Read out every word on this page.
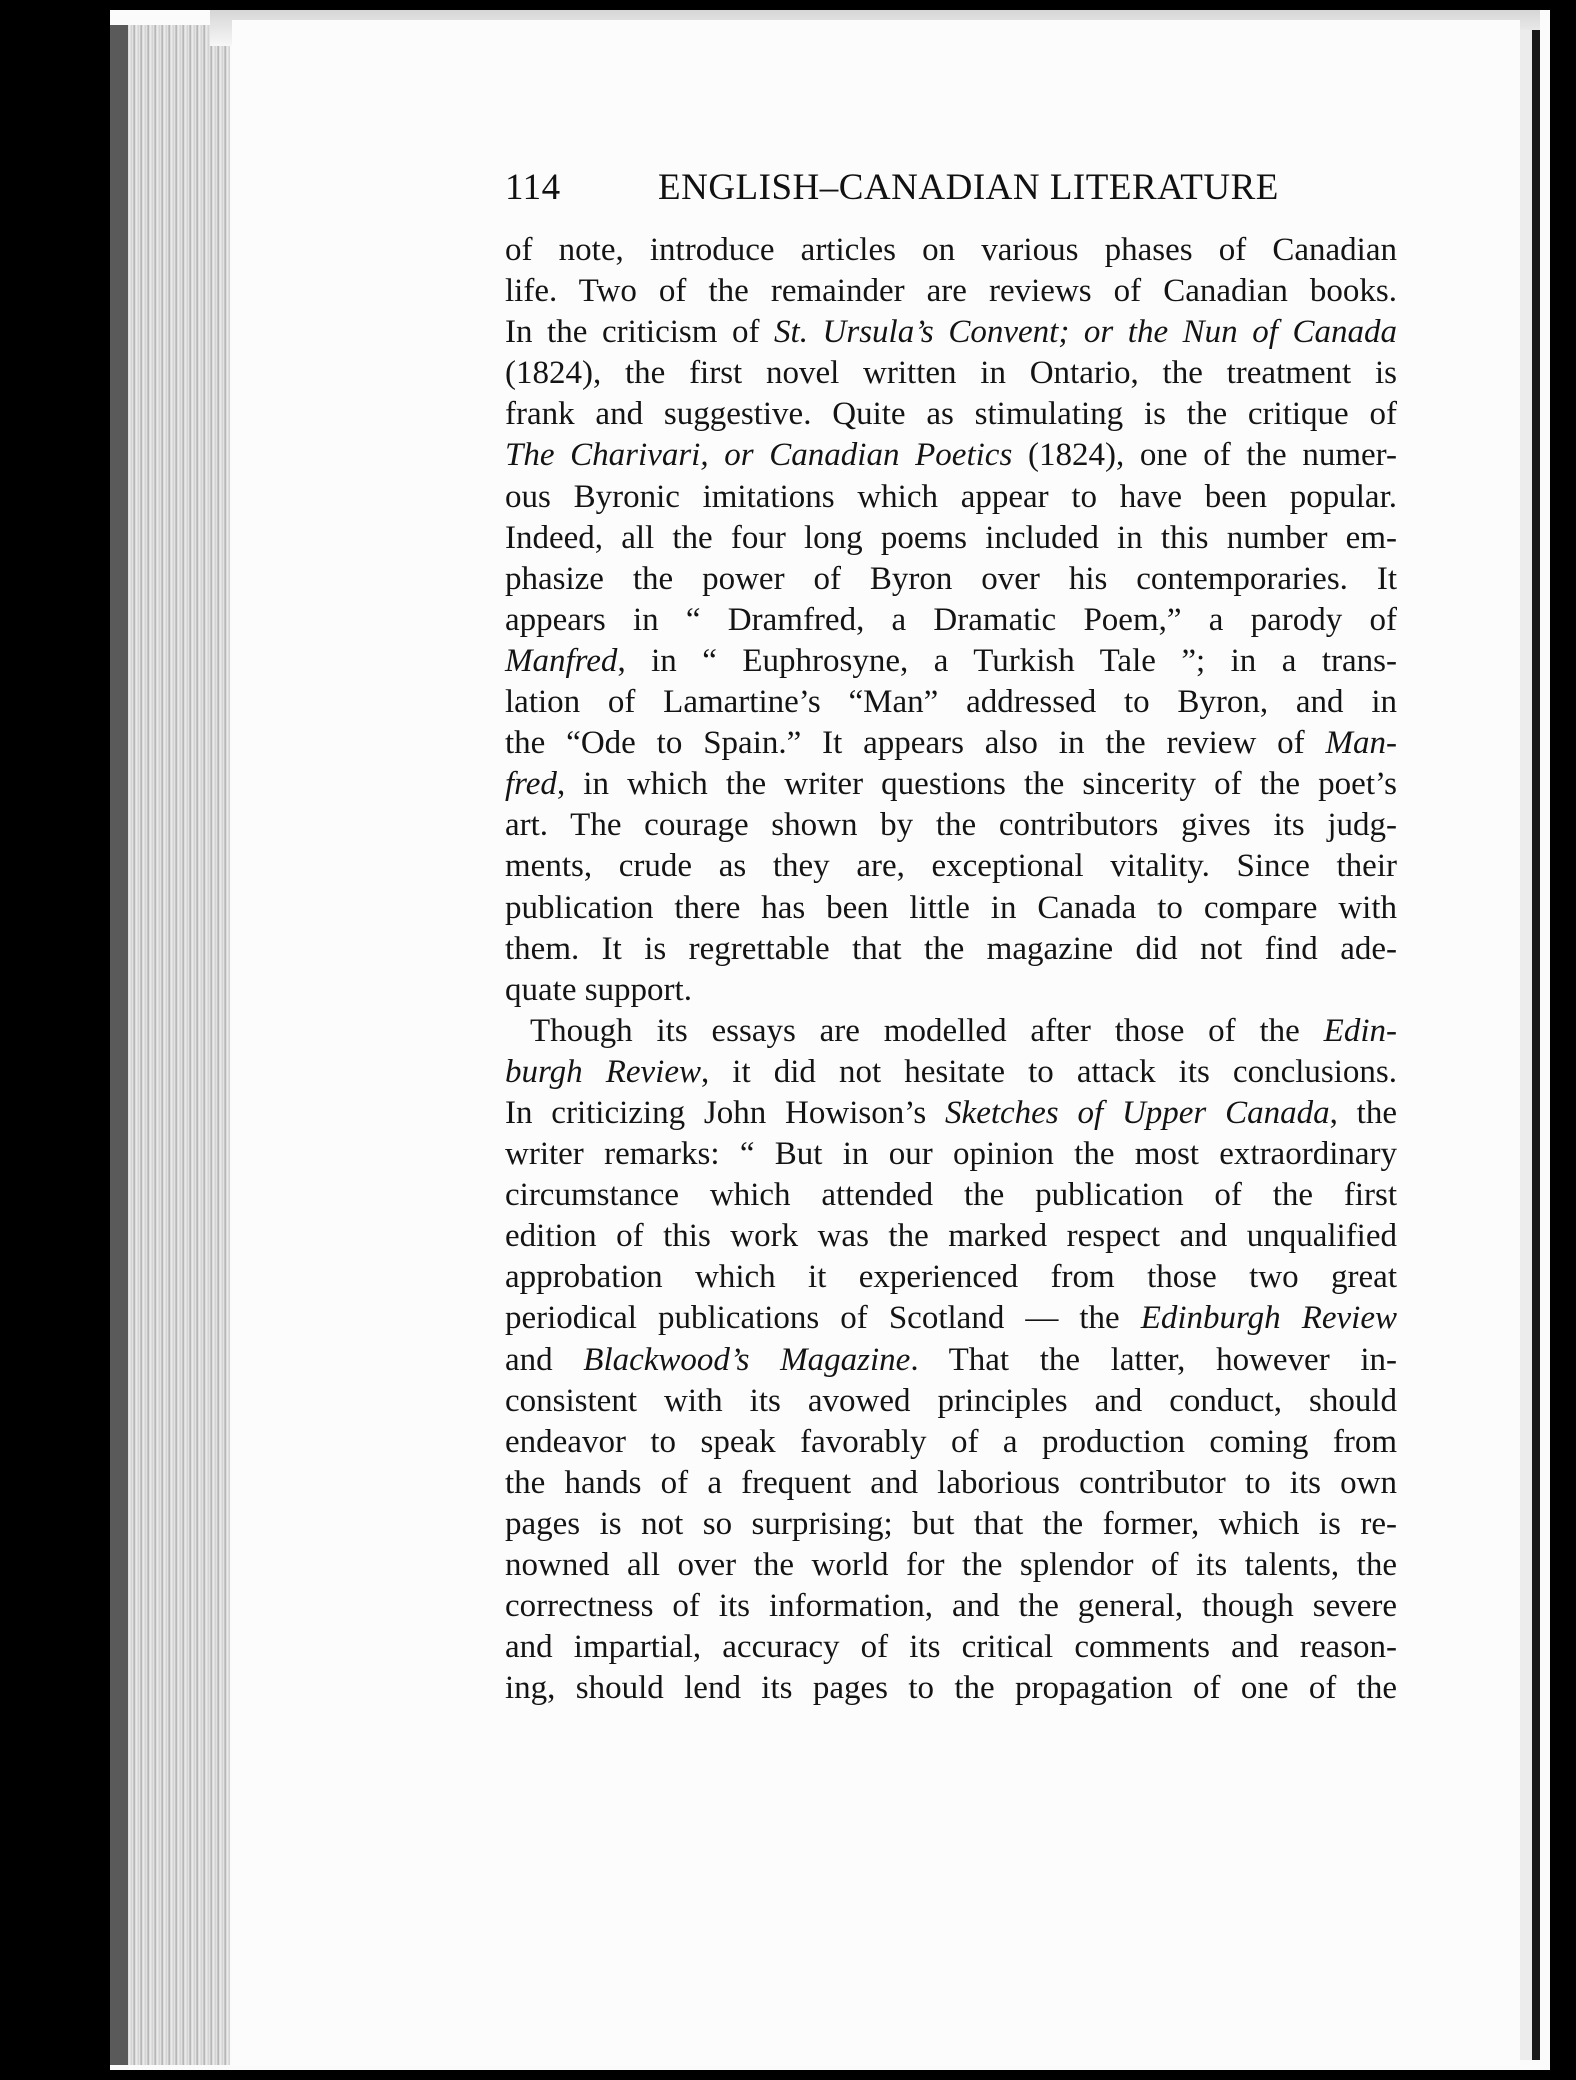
114	ENGLISH–CANADIAN LITERATURE
of note, introduce articles on various phases of Canadian
life. Two of the remainder are reviews of Canadian books.
In the criticism of St. Ursula’s Convent; or the Nun of Canada
(1824), the first novel written in Ontario, the treatment is
frank and suggestive. Quite as stimulating is the critique of
The Charivari, or Canadian Poetics (1824), one of the numer-
ous Byronic imitations which appear to have been popular.
Indeed, all the four long poems included in this number em-
phasize the power of Byron over his contemporaries. It
appears in “ Dramfred, a Dramatic Poem,” a parody of
Manfred, in “ Euphrosyne, a Turkish Tale ”; in a trans-
lation of Lamartine’s “Man” addressed to Byron, and in
the “Ode to Spain.” It appears also in the review of Man-
fred, in which the writer questions the sincerity of the poet’s
art. The courage shown by the contributors gives its judg-
ments, crude as they are, exceptional vitality. Since their
publication there has been little in Canada to compare with
them. It is regrettable that the magazine did not find ade-
quate support.
Though its essays are modelled after those of the Edin-
burgh Review, it did not hesitate to attack its conclusions.
In criticizing John Howison’s Sketches of Upper Canada, the
writer remarks: “ But in our opinion the most extraordinary
circumstance which attended the publication of the first
edition of this work was the marked respect and unqualified
approbation which it experienced from those two great
periodical publications of Scotland — the Edinburgh Review
and Blackwood’s Magazine. That the latter, however in-
consistent with its avowed principles and conduct, should
endeavor to speak favorably of a production coming from
the hands of a frequent and laborious contributor to its own
pages is not so surprising; but that the former, which is re-
nowned all over the world for the splendor of its talents, the
correctness of its information, and the general, though severe
and impartial, accuracy of its critical comments and reason-
ing, should lend its pages to the propagation of one of the
